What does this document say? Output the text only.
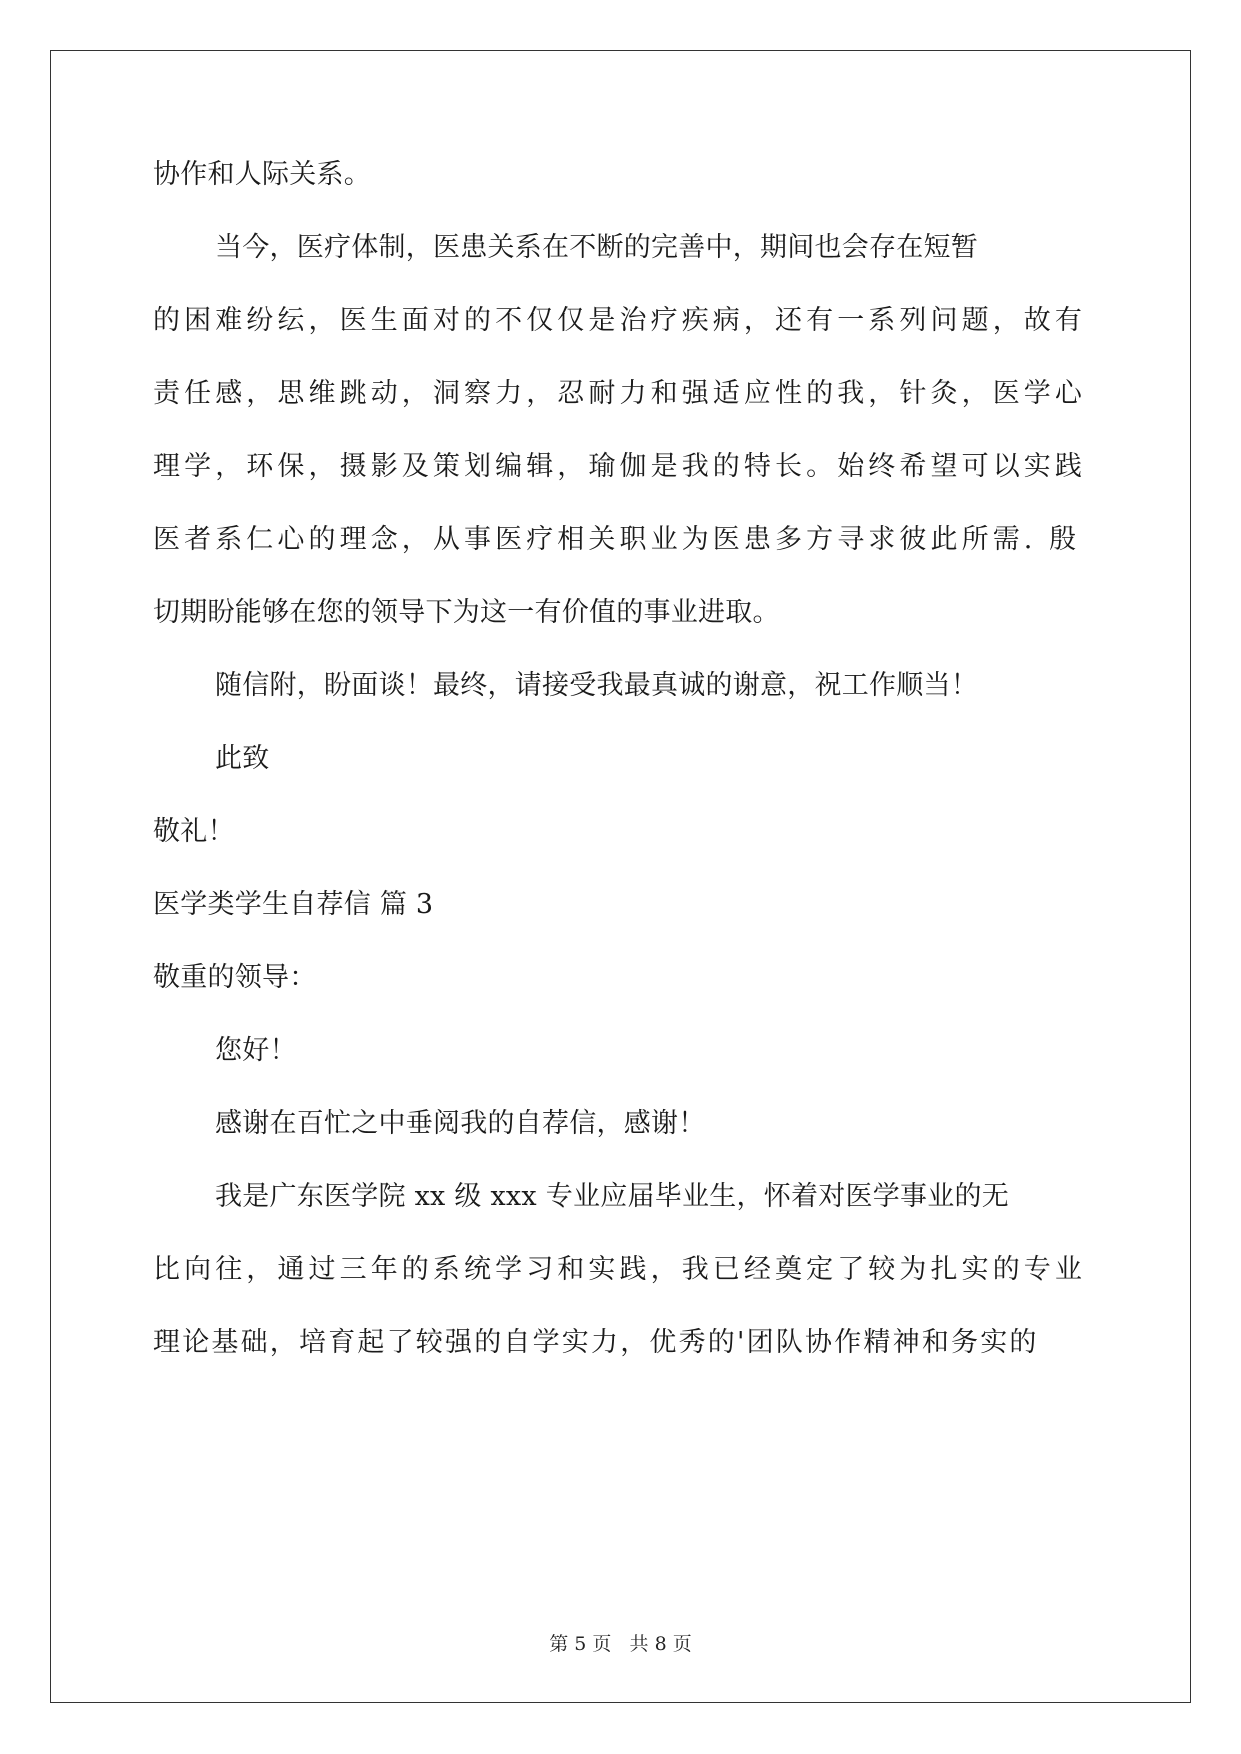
协作和人际关系。
当今，医疗体制，医患关系在不断的完善中，期间也会存在短暂
的困难纷纭，医生面对的不仅仅是治疗疾病，还有一系列问题，故有
责任感，思维跳动，洞察力，忍耐力和强适应性的我，针灸，医学心
理学，环保，摄影及策划编辑，瑜伽是我的特长。始终希望可以实践
医者系仁心的理念，从事医疗相关职业为医患多方寻求彼此所需. 殷
切期盼能够在您的领导下为这一有价值的事业进取。
随信附，盼面谈！最终，请接受我最真诚的谢意，祝工作顺当！
此致
敬礼！
医学类学生自荐信 篇 3
敬重的领导：
您好！
感谢在百忙之中垂阅我的自荐信，感谢！
我是广东医学院 xx 级 xxx 专业应届毕业生，怀着对医学事业的无
比向往，通过三年的系统学习和实践，我已经奠定了较为扎实的专业
理论基础，培育起了较强的自学实力，优秀的'团队协作精神和务实的
第 5 页   共 8 页
